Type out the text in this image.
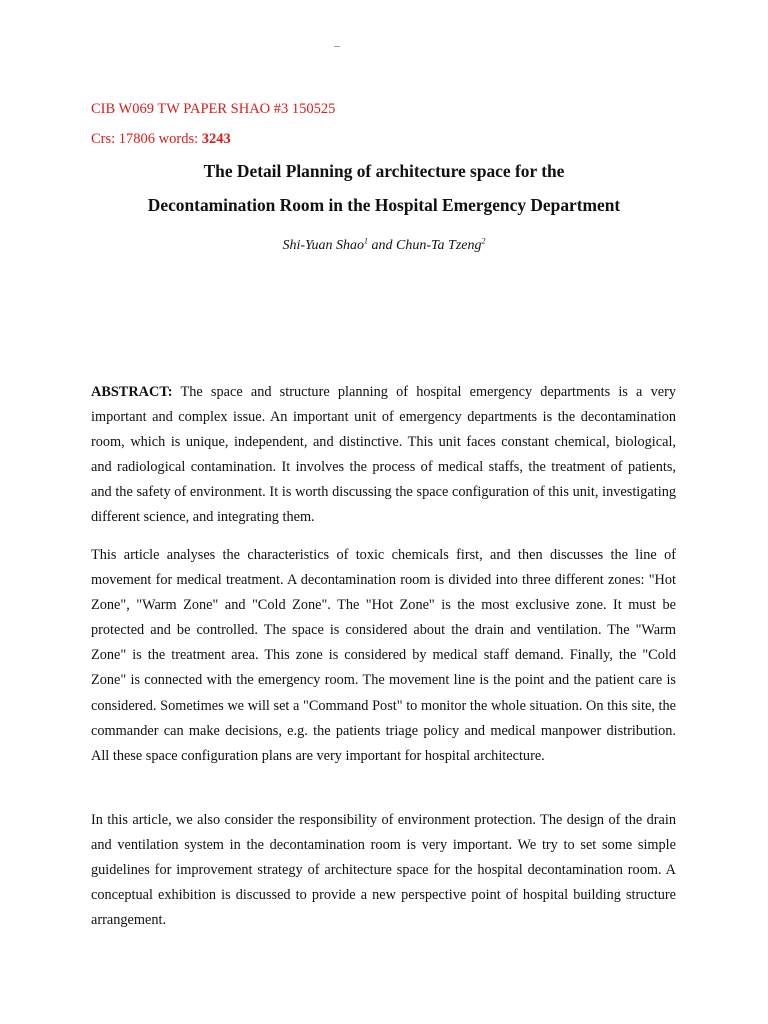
–
CIB W069 TW PAPER SHAO #3 150525
Crs: 17806 words: 3243
The Detail Planning of architecture space for the
Decontamination Room in the Hospital Emergency Department
Shi-Yuan Shao$^1$ and Chun-Ta Tzeng$^2$

ABSTRACT: The space and structure planning of hospital emergency departments is a very important and complex issue. An important unit of emergency departments is the decontamination room, which is unique, independent, and distinctive. This unit faces constant chemical, biological, and radiological contamination. It involves the process of medical staffs, the treatment of patients, and the safety of environment. It is worth discussing the space configuration of this unit, investigating different science, and integrating them.

This article analyses the characteristics of toxic chemicals first, and then discusses the line of movement for medical treatment. A decontamination room is divided into three different zones: "Hot Zone", "Warm Zone" and "Cold Zone". The "Hot Zone" is the most exclusive zone. It must be protected and be controlled. The space is considered about the drain and ventilation. The "Warm Zone" is the treatment area. This zone is considered by medical staff demand. Finally, the "Cold Zone" is connected with the emergency room. The movement line is the point and the patient care is considered. Sometimes we will set a "Command Post" to monitor the whole situation. On this site, the commander can make decisions, e.g. the patients triage policy and medical manpower distribution. All these space configuration plans are very important for hospital architecture.

In this article, we also consider the responsibility of environment protection. The design of the drain and ventilation system in the decontamination room is very important. We try to set some simple guidelines for improvement strategy of architecture space for the hospital decontamination room. A conceptual exhibition is discussed to provide a new perspective point of hospital building structure arrangement.
